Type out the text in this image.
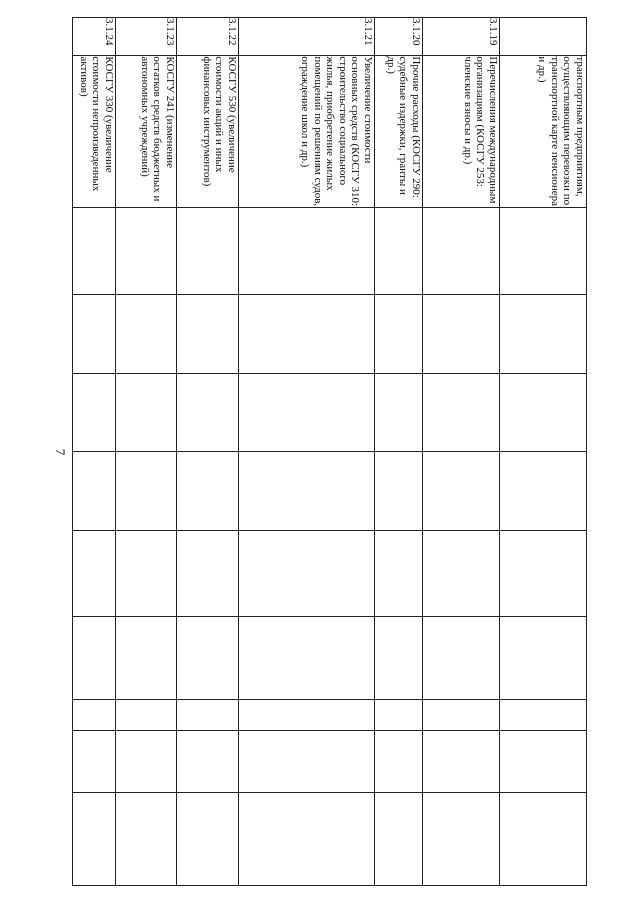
7
	транспортным предприятиям, осуществляющим перевозки по транспортной карте пенсионера и др.)									
3.1.19	Перечисления международным организациям (КОСГУ 253: членские взносы и др.)									
3.1.20	Прочие расходы (КОСГУ 290: судебные издержки, гранты и др.)									
3.1.21	Увеличение стоимости основных средств (КОСГУ 310: строительство социального жилья, приобретение жилых помещений по решениям судов, ограждение школ и др.)									
3.1.22	КОСГУ 530 (увеличение стоимости акций и иных финансовых инструментов)									
3.1.23	КОСГУ 241 (изменение остатков средств бюджетных и автономных учреждений)									
3.1.24	КОСГУ 330 (увеличение стоимости непроизведенных активов)									
